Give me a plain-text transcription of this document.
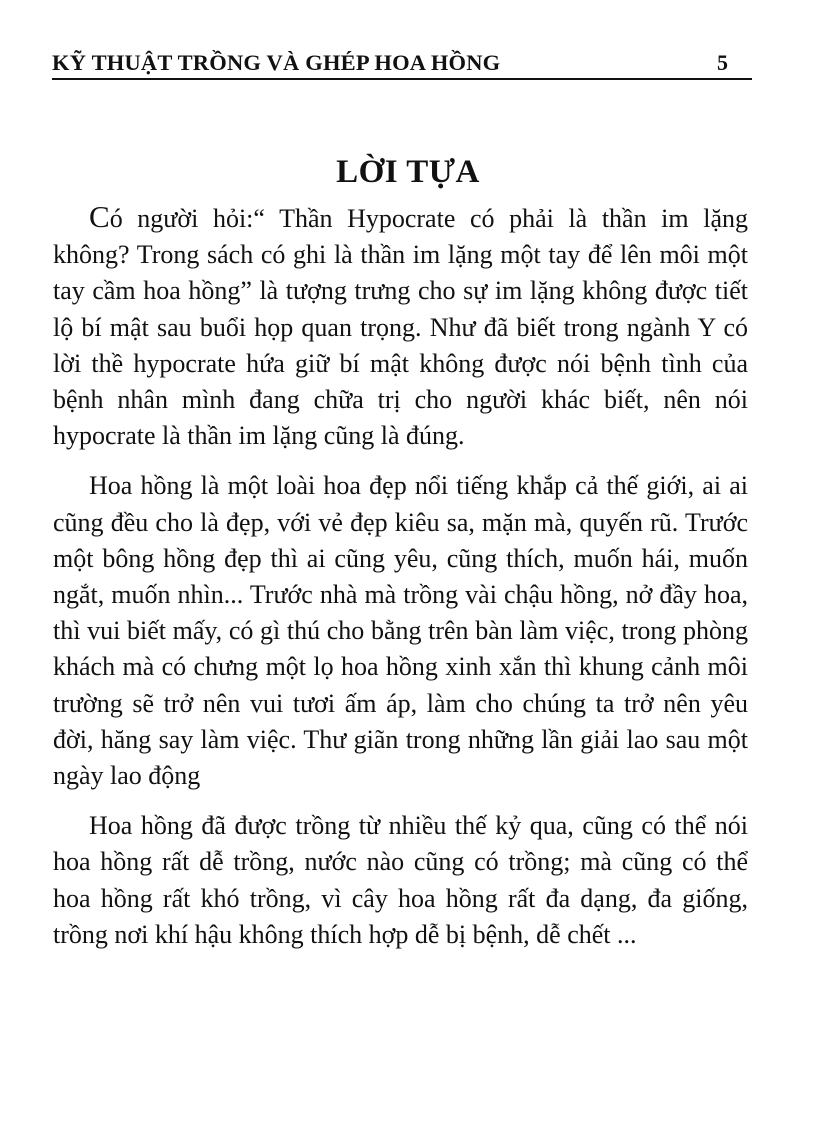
KỸ THUẬT TRỒNG VÀ GHÉP HOA HỒNG	5
LỜI TỰA

Có người hỏi:“ Thần Hypocrate có phải là thần im lặng không? Trong sách có ghi là thần im lặng một tay để lên môi một tay cầm hoa hồng” là tượng trưng cho sự im lặng không được tiết lộ bí mật sau buổi họp quan trọng. Như đã biết trong ngành Y có lời thề hypocrate hứa giữ bí mật không được nói bệnh tình của bệnh nhân mình đang chữa trị cho người khác biết, nên nói hypocrate là thần im lặng cũng là đúng.

Hoa hồng là một loài hoa đẹp nổi tiếng khắp cả thế giới, ai ai cũng đều cho là đẹp, với vẻ đẹp kiêu sa, mặn mà, quyến rũ. Trước một bông hồng đẹp thì ai cũng yêu, cũng thích, muốn hái, muốn ngắt, muốn nhìn... Trước nhà mà trồng vài chậu hồng, nở đầy hoa, thì vui biết mấy, có gì thú cho bằng trên bàn làm việc, trong phòng khách mà có chưng một lọ hoa hồng xinh xắn thì khung cảnh môi trường sẽ trở nên vui tươi ấm áp, làm cho chúng ta trở nên yêu đời, hăng say làm việc. Thư giãn trong những lần giải lao sau một ngày lao động

Hoa hồng đã được trồng từ nhiều thế kỷ qua, cũng có thể nói hoa hồng rất dễ trồng, nước nào cũng có trồng; mà cũng có thể hoa hồng rất khó trồng, vì cây hoa hồng rất đa dạng, đa giống, trồng nơi khí hậu không thích hợp dễ bị bệnh, dễ chết ...
